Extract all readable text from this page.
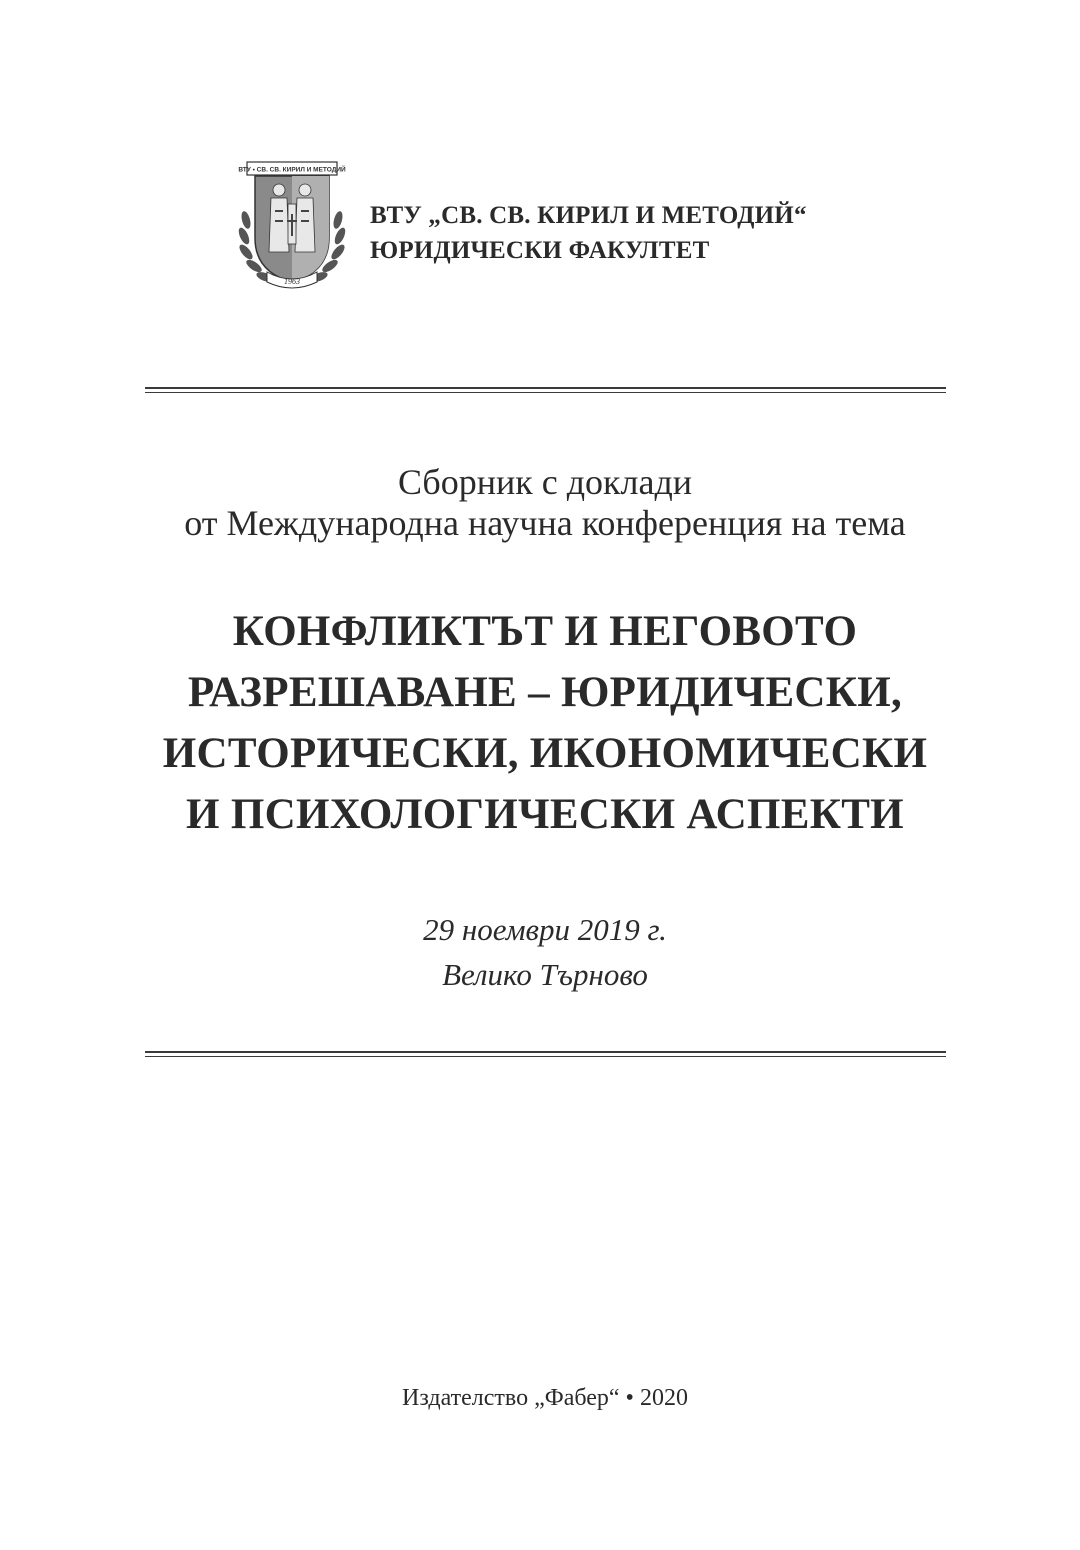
ВТУ • СВ. СВ. КИРИЛ И МЕТОДИЙ
1963
ВТУ „СВ. СВ. КИРИЛ И МЕТОДИЙ“
ЮРИДИЧЕСКИ ФАКУЛТЕТ
Сборник с доклади
от Международна научна конференция на тема
КОНФЛИКТЪТ И НЕГОВОТО
РАЗРЕШАВАНЕ – ЮРИДИЧЕСКИ,
ИСТОРИЧЕСКИ, ИКОНОМИЧЕСКИ
И ПСИХОЛОГИЧЕСКИ АСПЕКТИ
29 ноември 2019 г.
Велико Търново
Издателство „Фабер“ • 2020
